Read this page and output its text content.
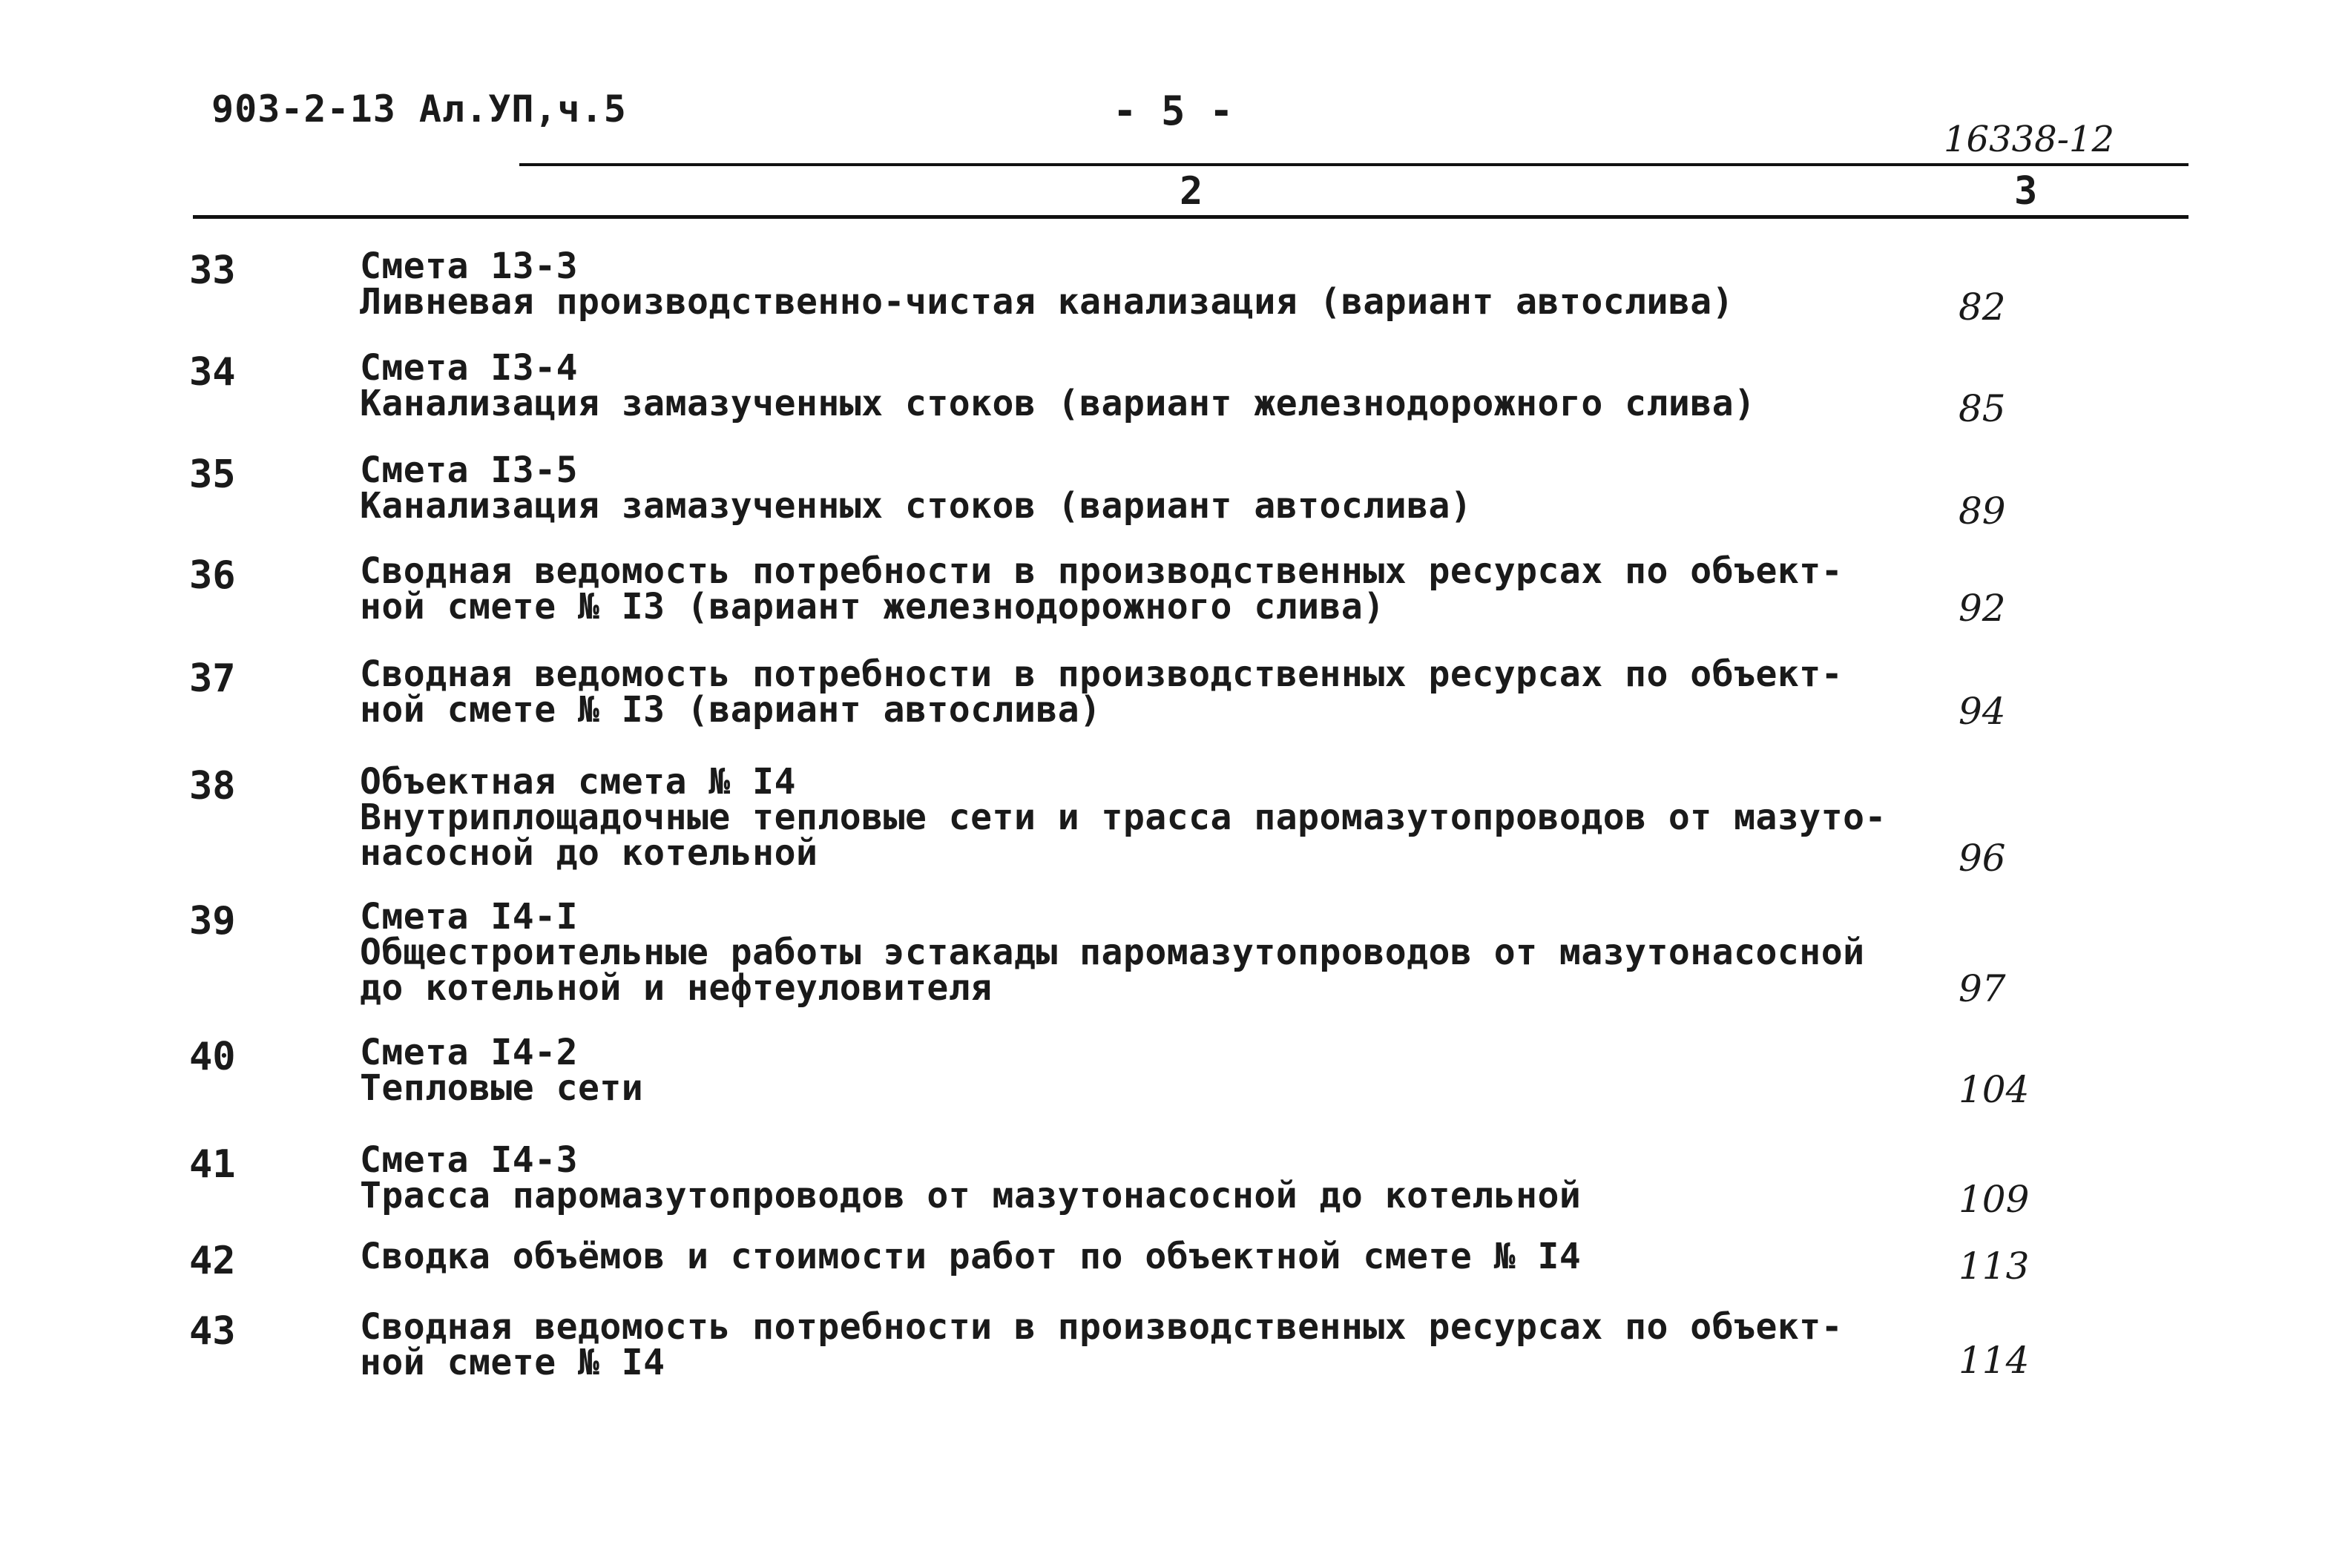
903-2-13 Ал.УП,ч.5	- 5 -
16338-12
2	3
33	Смета 13-3
Ливневая производственно-чистая канализация (вариант автослива)	82
34	Смета I3-4
Канализация замазученных стоков (вариант железнодорожного слива)	85
35	Смета I3-5
Канализация замазученных стоков (вариант автослива)	89
36	Сводная ведомость потребности в производственных ресурсах по объект-
ной смете № I3 (вариант железнодорожного слива)	92
37	Сводная ведомость потребности в производственных ресурсах по объект-
ной смете № I3 (вариант автослива)	94
38	Объектная смета № I4
Внутриплощадочные тепловые сети и трасса паромазутопроводов от мазуто-
насосной до котельной	96
39	Смета I4-I
Общестроительные работы эстакады паромазутопроводов от мазутонасосной
до котельной и нефтеуловителя	97
40	Смета I4-2
Тепловые сети	104
41	Смета I4-3
Трасса паромазутопроводов от мазутонасосной до котельной	109
42	Сводка объёмов и стоимости работ по объектной смете № I4	113
43	Сводная ведомость потребности в производственных ресурсах по объект-
ной смете № I4	114
